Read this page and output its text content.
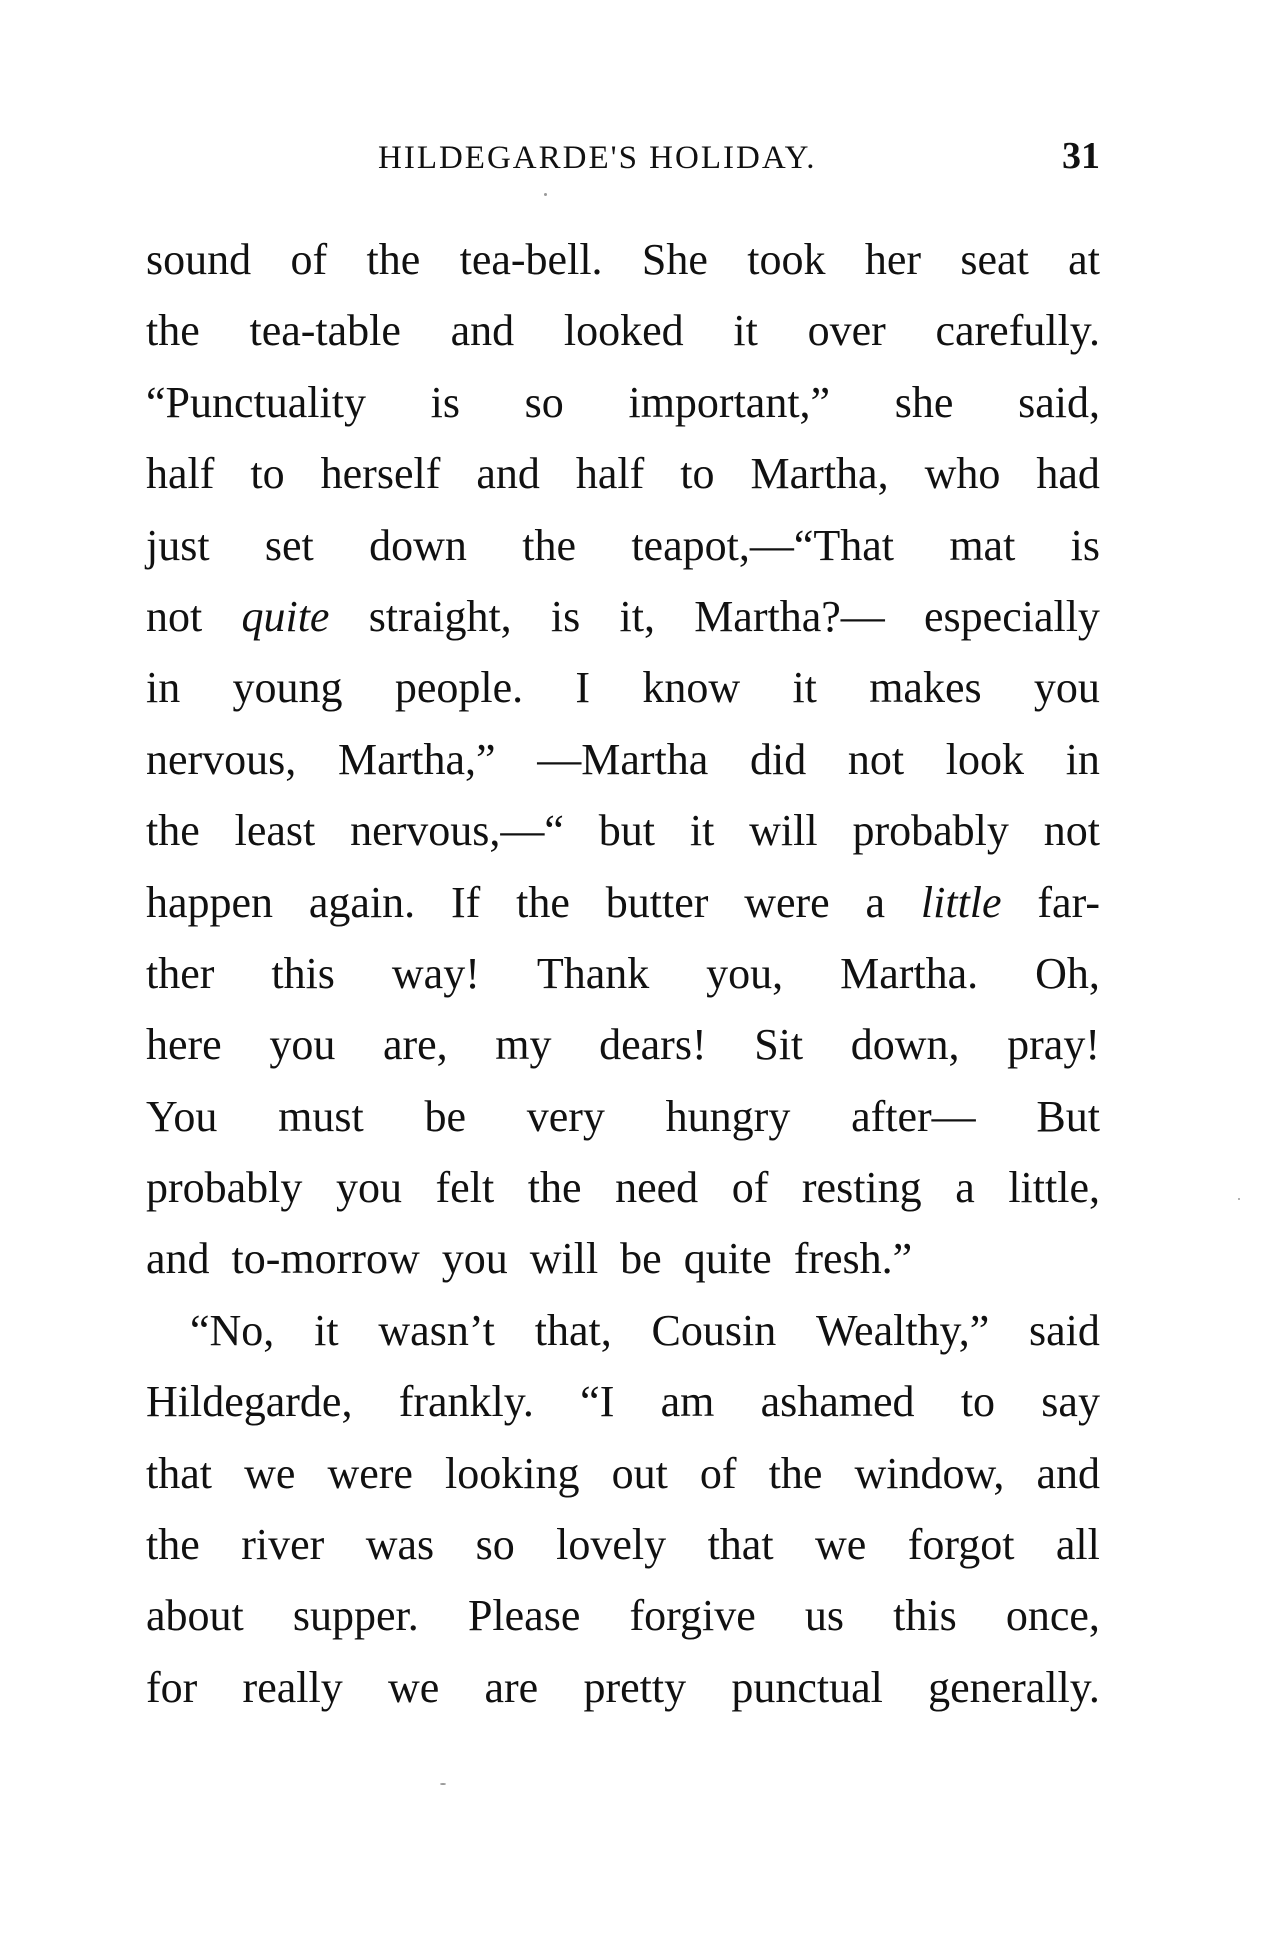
HILDEGARDE'S HOLIDAY.	31
sound of the tea-bell. She took her seat at
the tea-table and looked it over carefully.
“Punctuality is so important,” she said,
half to herself and half to Martha, who had
just set down the teapot,—“That mat is
not quite straight, is it, Martha?— especially
in young people. I know it makes you
nervous, Martha,” —Martha did not look in
the least nervous,—“ but it will probably not
happen again. If the butter were a little far-
ther this way! Thank you, Martha. Oh,
here you are, my dears! Sit down, pray!
You must be very hungry after— But
probably you felt the need of resting a little,
and to-morrow you will be quite fresh.”
“No, it wasn’t that, Cousin Wealthy,” said
Hildegarde, frankly. “I am ashamed to say
that we were looking out of the window, and
the river was so lovely that we forgot all
about supper. Please forgive us this once,
for really we are pretty punctual generally.
